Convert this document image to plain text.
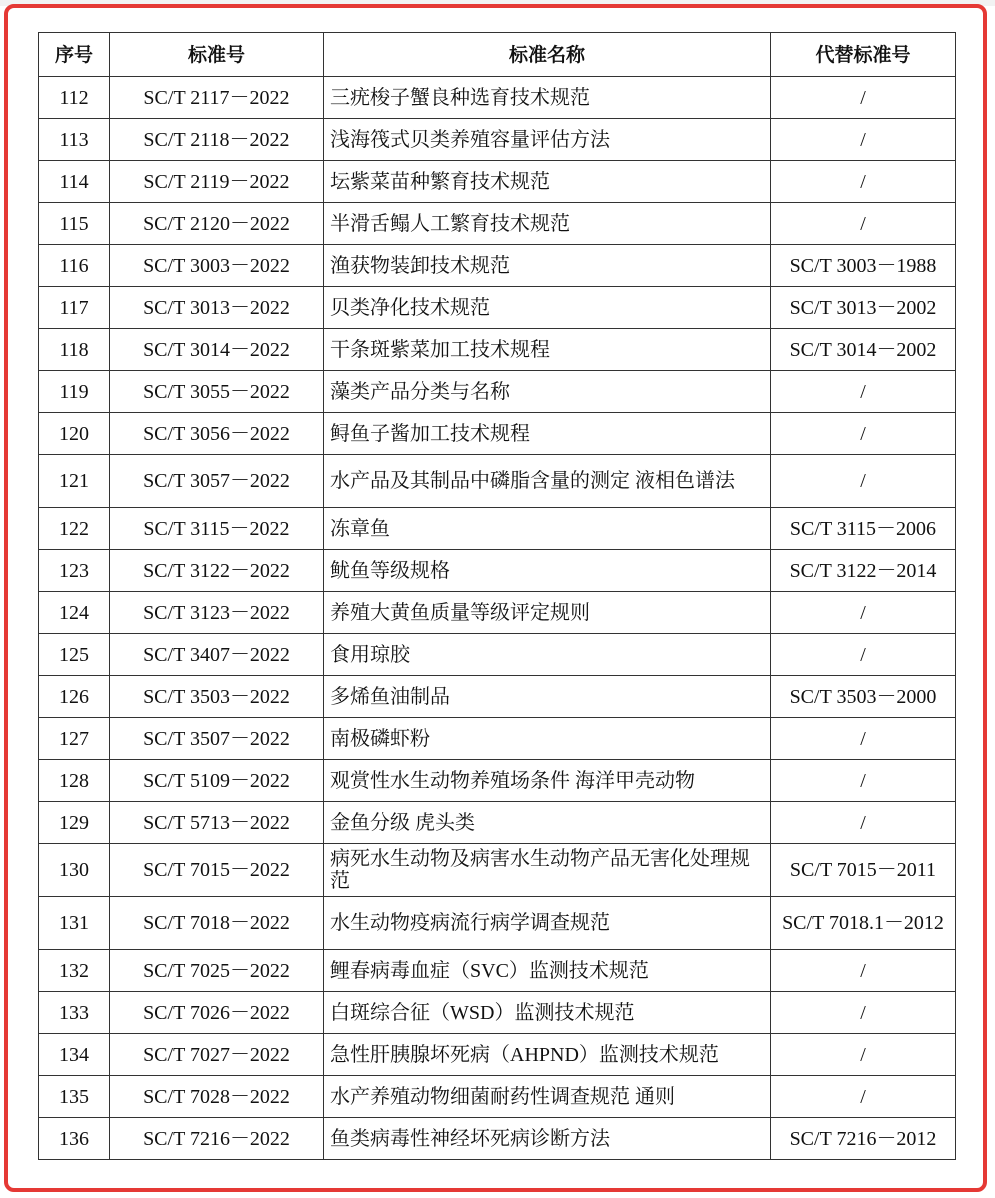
序号	标准号	标准名称	代替标准号
112	SC/T 2117－2022	三疣梭子蟹良种选育技术规范	/
113	SC/T 2118－2022	浅海筏式贝类养殖容量评估方法	/
114	SC/T 2119－2022	坛紫菜苗种繁育技术规范	/
115	SC/T 2120－2022	半滑舌鳎人工繁育技术规范	/
116	SC/T 3003－2022	渔获物装卸技术规范	SC/T 3003－1988
117	SC/T 3013－2022	贝类净化技术规范	SC/T 3013－2002
118	SC/T 3014－2022	干条斑紫菜加工技术规程	SC/T 3014－2002
119	SC/T 3055－2022	藻类产品分类与名称	/
120	SC/T 3056－2022	鲟鱼子酱加工技术规程	/
121	SC/T 3057－2022	水产品及其制品中磷脂含量的测定 液相色谱法	/
122	SC/T 3115－2022	冻章鱼	SC/T 3115－2006
123	SC/T 3122－2022	鱿鱼等级规格	SC/T 3122－2014
124	SC/T 3123－2022	养殖大黄鱼质量等级评定规则	/
125	SC/T 3407－2022	食用琼胶	/
126	SC/T 3503－2022	多烯鱼油制品	SC/T 3503－2000
127	SC/T 3507－2022	南极磷虾粉	/
128	SC/T 5109－2022	观赏性水生动物养殖场条件 海洋甲壳动物	/
129	SC/T 5713－2022	金鱼分级 虎头类	/
130	SC/T 7015－2022	病死水生动物及病害水生动物产品无害化处理规范	SC/T 7015－2011
131	SC/T 7018－2022	水生动物疫病流行病学调查规范	SC/T 7018.1－2012
132	SC/T 7025－2022	鲤春病毒血症（SVC）监测技术规范	/
133	SC/T 7026－2022	白斑综合征（WSD）监测技术规范	/
134	SC/T 7027－2022	急性肝胰腺坏死病（AHPND）监测技术规范	/
135	SC/T 7028－2022	水产养殖动物细菌耐药性调查规范 通则	/
136	SC/T 7216－2022	鱼类病毒性神经坏死病诊断方法	SC/T 7216－2012
